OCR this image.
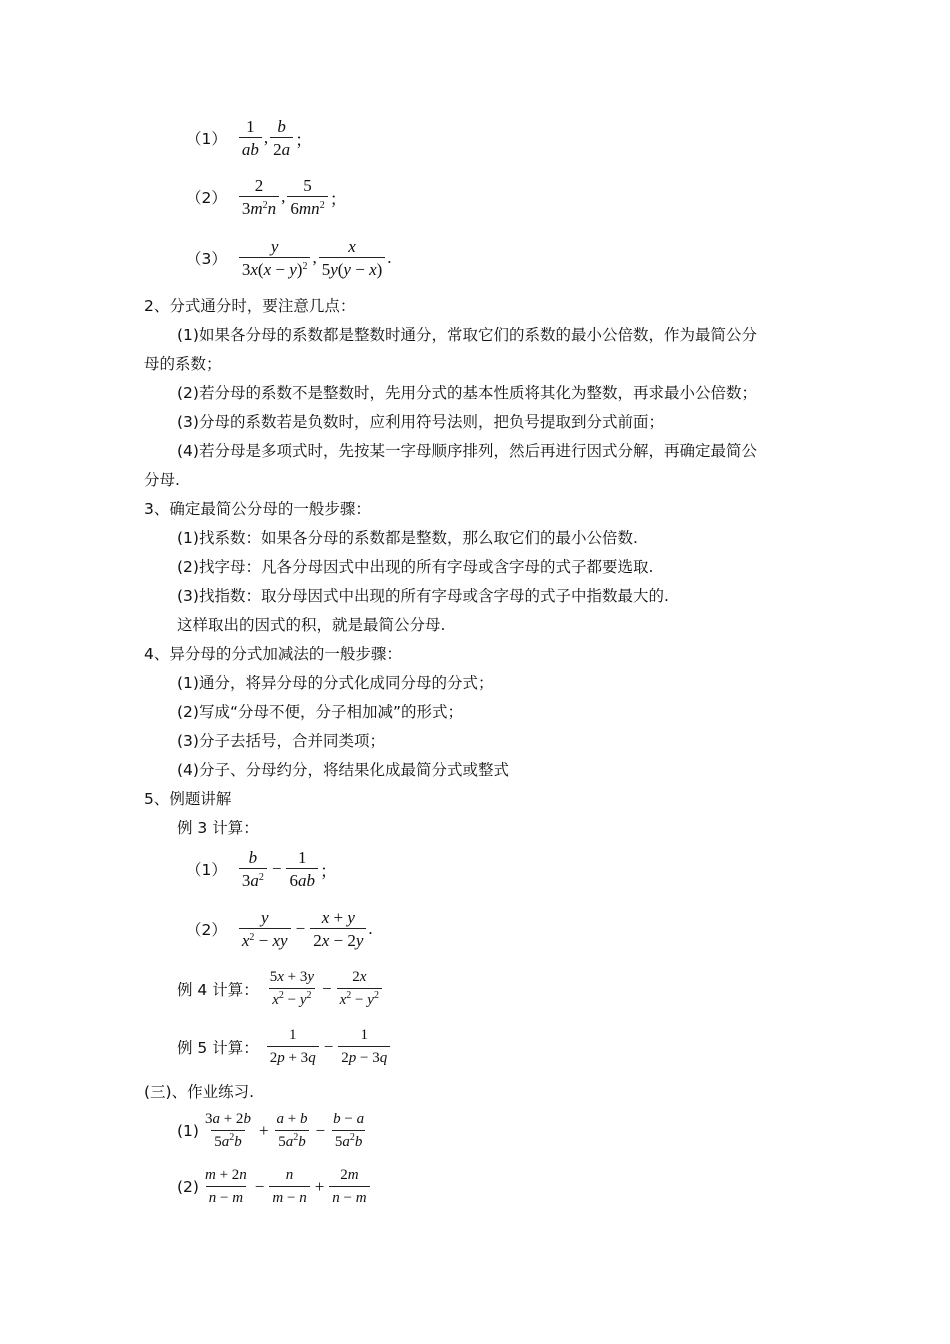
$(1) \frac{1}{ab}$ , $\frac{b}{2a}$ ；
$(2) \frac{2}{3m^2n}$ , $\frac{5}{6mn^2}$ ；
$(3) \frac{y}{3x(x - y)^2}$ , $\frac{x}{5y(y - x)}$ .
2、分式通分时，要注意几点：
(1)如果各分母的系数都是整数时通分，常取它们的系数的最小公倍数，作为最简公分
母的系数；
(2)若分母的系数不是整数时，先用分式的基本性质将其化为整数，再求最小公倍数；
(3)分母的系数若是负数时，应利用符号法则，把负号提取到分式前面；
(4)若分母是多项式时，先按某一字母顺序排列，然后再进行因式分解，再确定最简公
分母.
3、确定最简公分母的一般步骤：
(1)找系数：如果各分母的系数都是整数，那么取它们的最小公倍数.
(2)找字母：凡各分母因式中出现的所有字母或含字母的式子都要选取.
(3)找指数：取分母因式中出现的所有字母或含字母的式子中指数最大的.
这样取出的因式的积，就是最简公分母.
4、异分母的分式加减法的一般步骤：
(1)通分，将异分母的分式化成同分母的分式；
(2)写成“分母不便，分子相加减”的形式；
(3)分子去括号，合并同类项；
(4)分子、分母约分，将结果化成最简分式或整式
5、例题讲解
例 3 计算：
$(1) \frac{b}{3a^2} - \frac{1}{6ab}$ ；
$(2) \frac{y}{x^2 - xy} - \frac{x + y}{2x - 2y}$ .
例 4 计算： $\frac{5x + 3y}{x^2 - y^2} - \frac{2x}{x^2 - y^2}$
例 5 计算： $\frac{1}{2p + 3q} - \frac{1}{2p - 3q}$
(三)、作业练习.
$(1) \frac{3a + 2b}{5a^2b} + \frac{a + b}{5a^2b} - \frac{b - a}{5a^2b}$
$(2) \frac{m + 2n}{n - m} - \frac{n}{m - n} + \frac{2m}{n - m}$
